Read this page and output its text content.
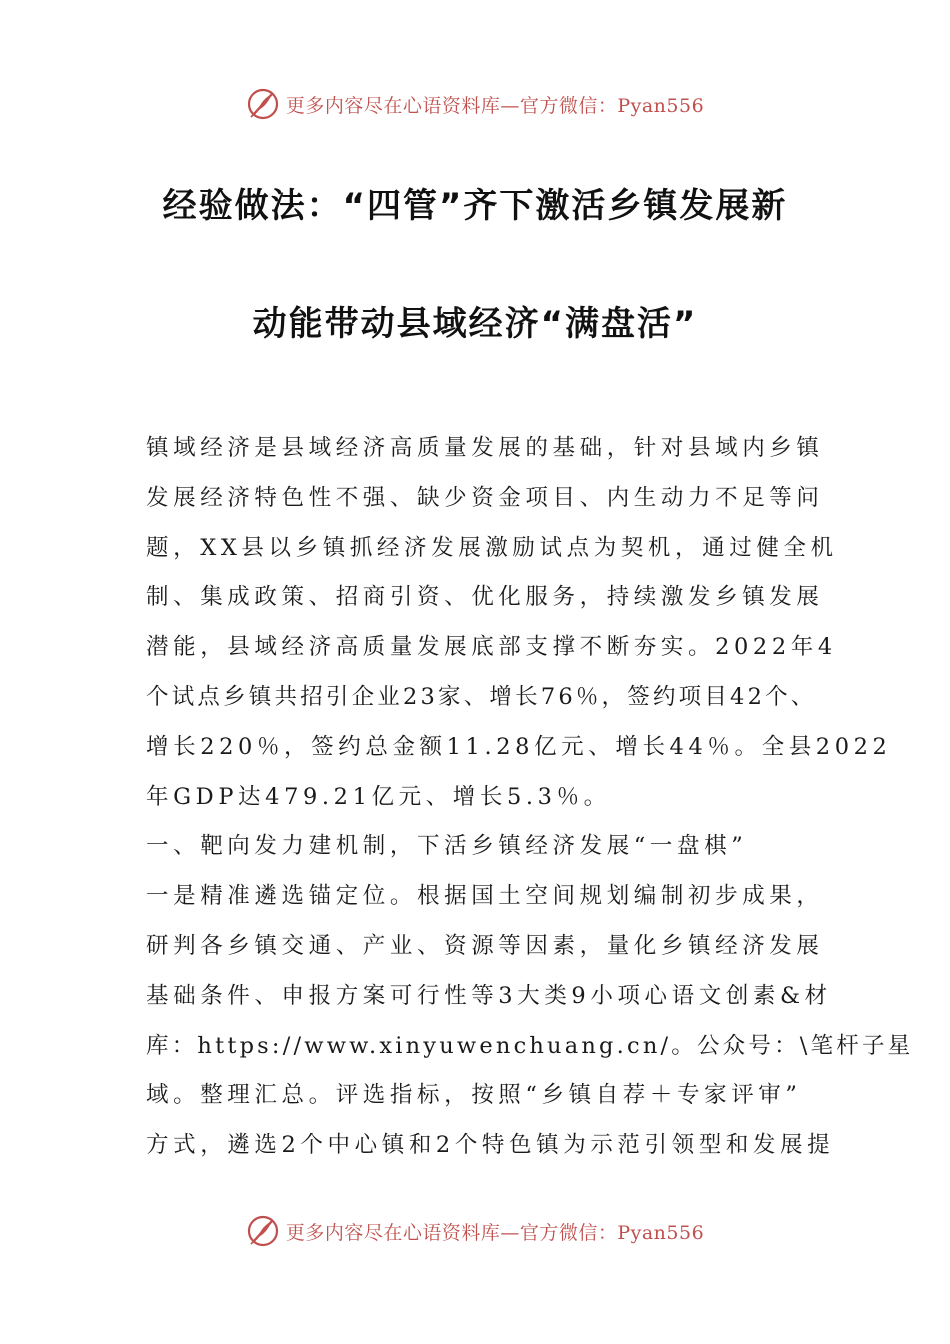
更多内容尽在心语资料库—官方微信：Pyan556
经验做法：“四管”齐下激活乡镇发展新
动能带动县域经济“满盘活”
镇域经济是县域经济高质量发展的基础，针对县域内乡镇
发展经济特色性不强、缺少资金项目、内生动力不足等问
题，XX县以乡镇抓经济发展激励试点为契机，通过健全机
制、集成政策、招商引资、优化服务，持续激发乡镇发展
潜能，县域经济高质量发展底部支撑不断夯实。2022年4
个试点乡镇共招引企业23家、增长76％，签约项目42个、
增长220％，签约总金额11.28亿元、增长44％。全县2022
年GDP达479.21亿元、增长5.3％。
一、靶向发力建机制，下活乡镇经济发展“一盘棋”
一是精准遴选锚定位。根据国土空间规划编制初步成果，
研判各乡镇交通、产业、资源等因素，量化乡镇经济发展
基础条件、申报方案可行性等3大类9小项心语文创素&材
库：https://www.xinyuwenchuang.cn/。公众号：\笔杆子星
域。整理汇总。评选指标，按照“乡镇自荐＋专家评审”
方式，遴选2个中心镇和2个特色镇为示范引领型和发展提
更多内容尽在心语资料库—官方微信：Pyan556
